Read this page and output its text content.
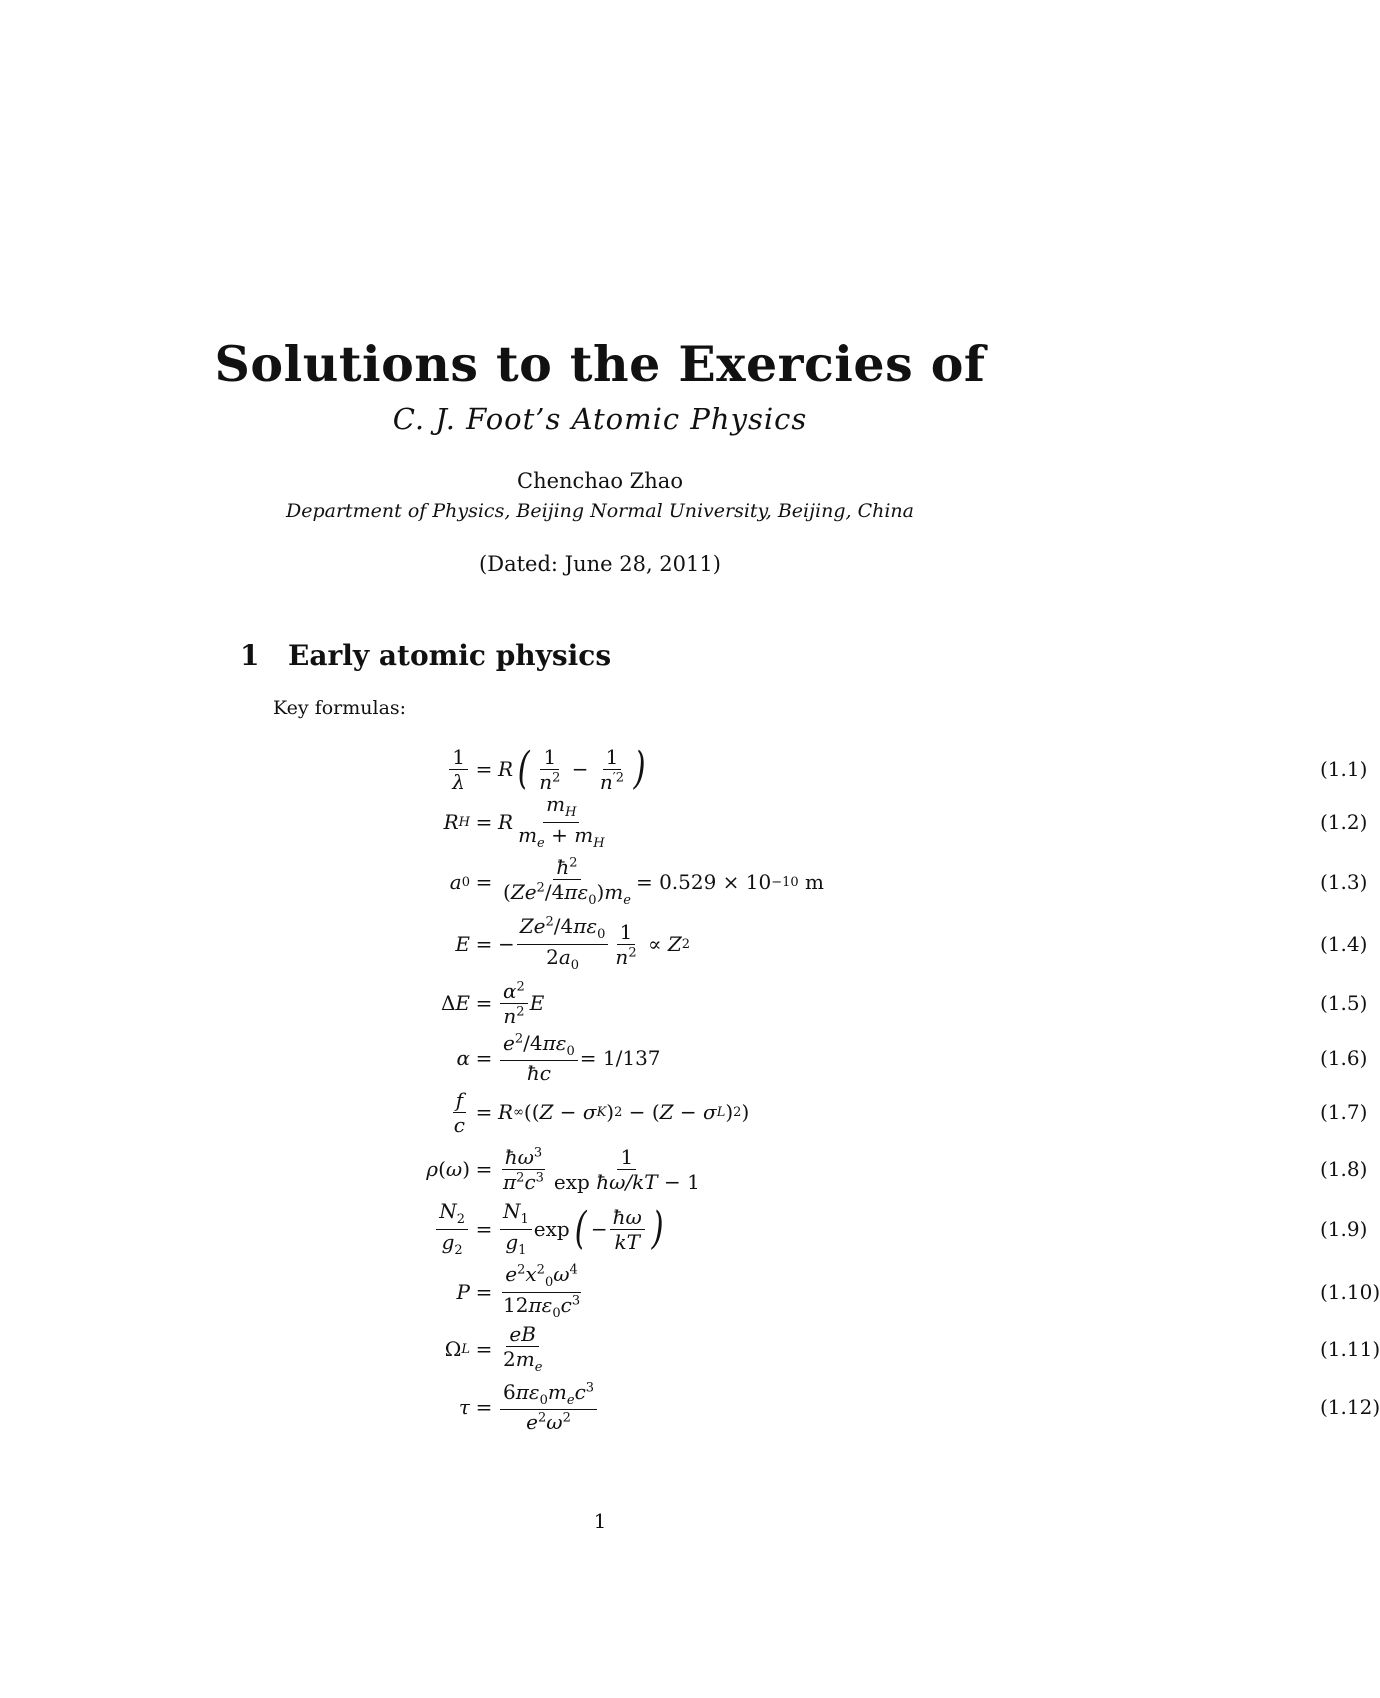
Solutions to the Exercies of
C. J. Foot’s Atomic Physics
Chenchao Zhao
Department of Physics, Beijing Normal University, Beijing, China
(Dated: June 28, 2011)
1 Early atomic physics
Key formulas:
$\frac{1}{\lambda} = R$ ( $\frac{1}{n^2} - \frac{1}{n^{'2}}$ )	(1.1)
R H = R $\frac{m_H}{m_e + m_H}$	(1.2)
a $0 = \frac{ħ^2}{(Ze^2/4\pi\varepsilon_0)m_e} = 0.529 \times 10 -10$
m	(1.3)
E = − $\frac{Ze^2/4\pi\varepsilon_0}{2a_0} \frac{1}{n^2} \propto Z$ 2	(1.4)
Δ $E = \frac{\alpha^2}{n^2}$ E	(1.5)
$\alpha = \frac{e^2/4\pi\varepsilon_0}{ħc} = 1/137$	(1.6)
$\frac{f}{c} = R$ ∞ (( Z − σ K ) 2 − ( Z − σ L ) 2 )	(1.7)
ρ ( ω ) = $\frac{ħ\omega^3}{\pi^2c^3} \frac{1}{\text{exp ħω/kT − 1}}$	(1.8)
$\frac{N_2}{g_2} = \frac{N_1}{g_1}$ exp ( − $\frac{ħ\omega}{kT}$ )	(1.9)
$P = \frac{e^2x^2_0\omega^4}{12\pi\varepsilon_0c^3}$	(1.10)
Ω $L = \frac{eB}{2m_e}$	(1.11)
$\tau = \frac{6\pi\varepsilon_0m_ec^3}{e^2\omega^2}$	(1.12)
1
